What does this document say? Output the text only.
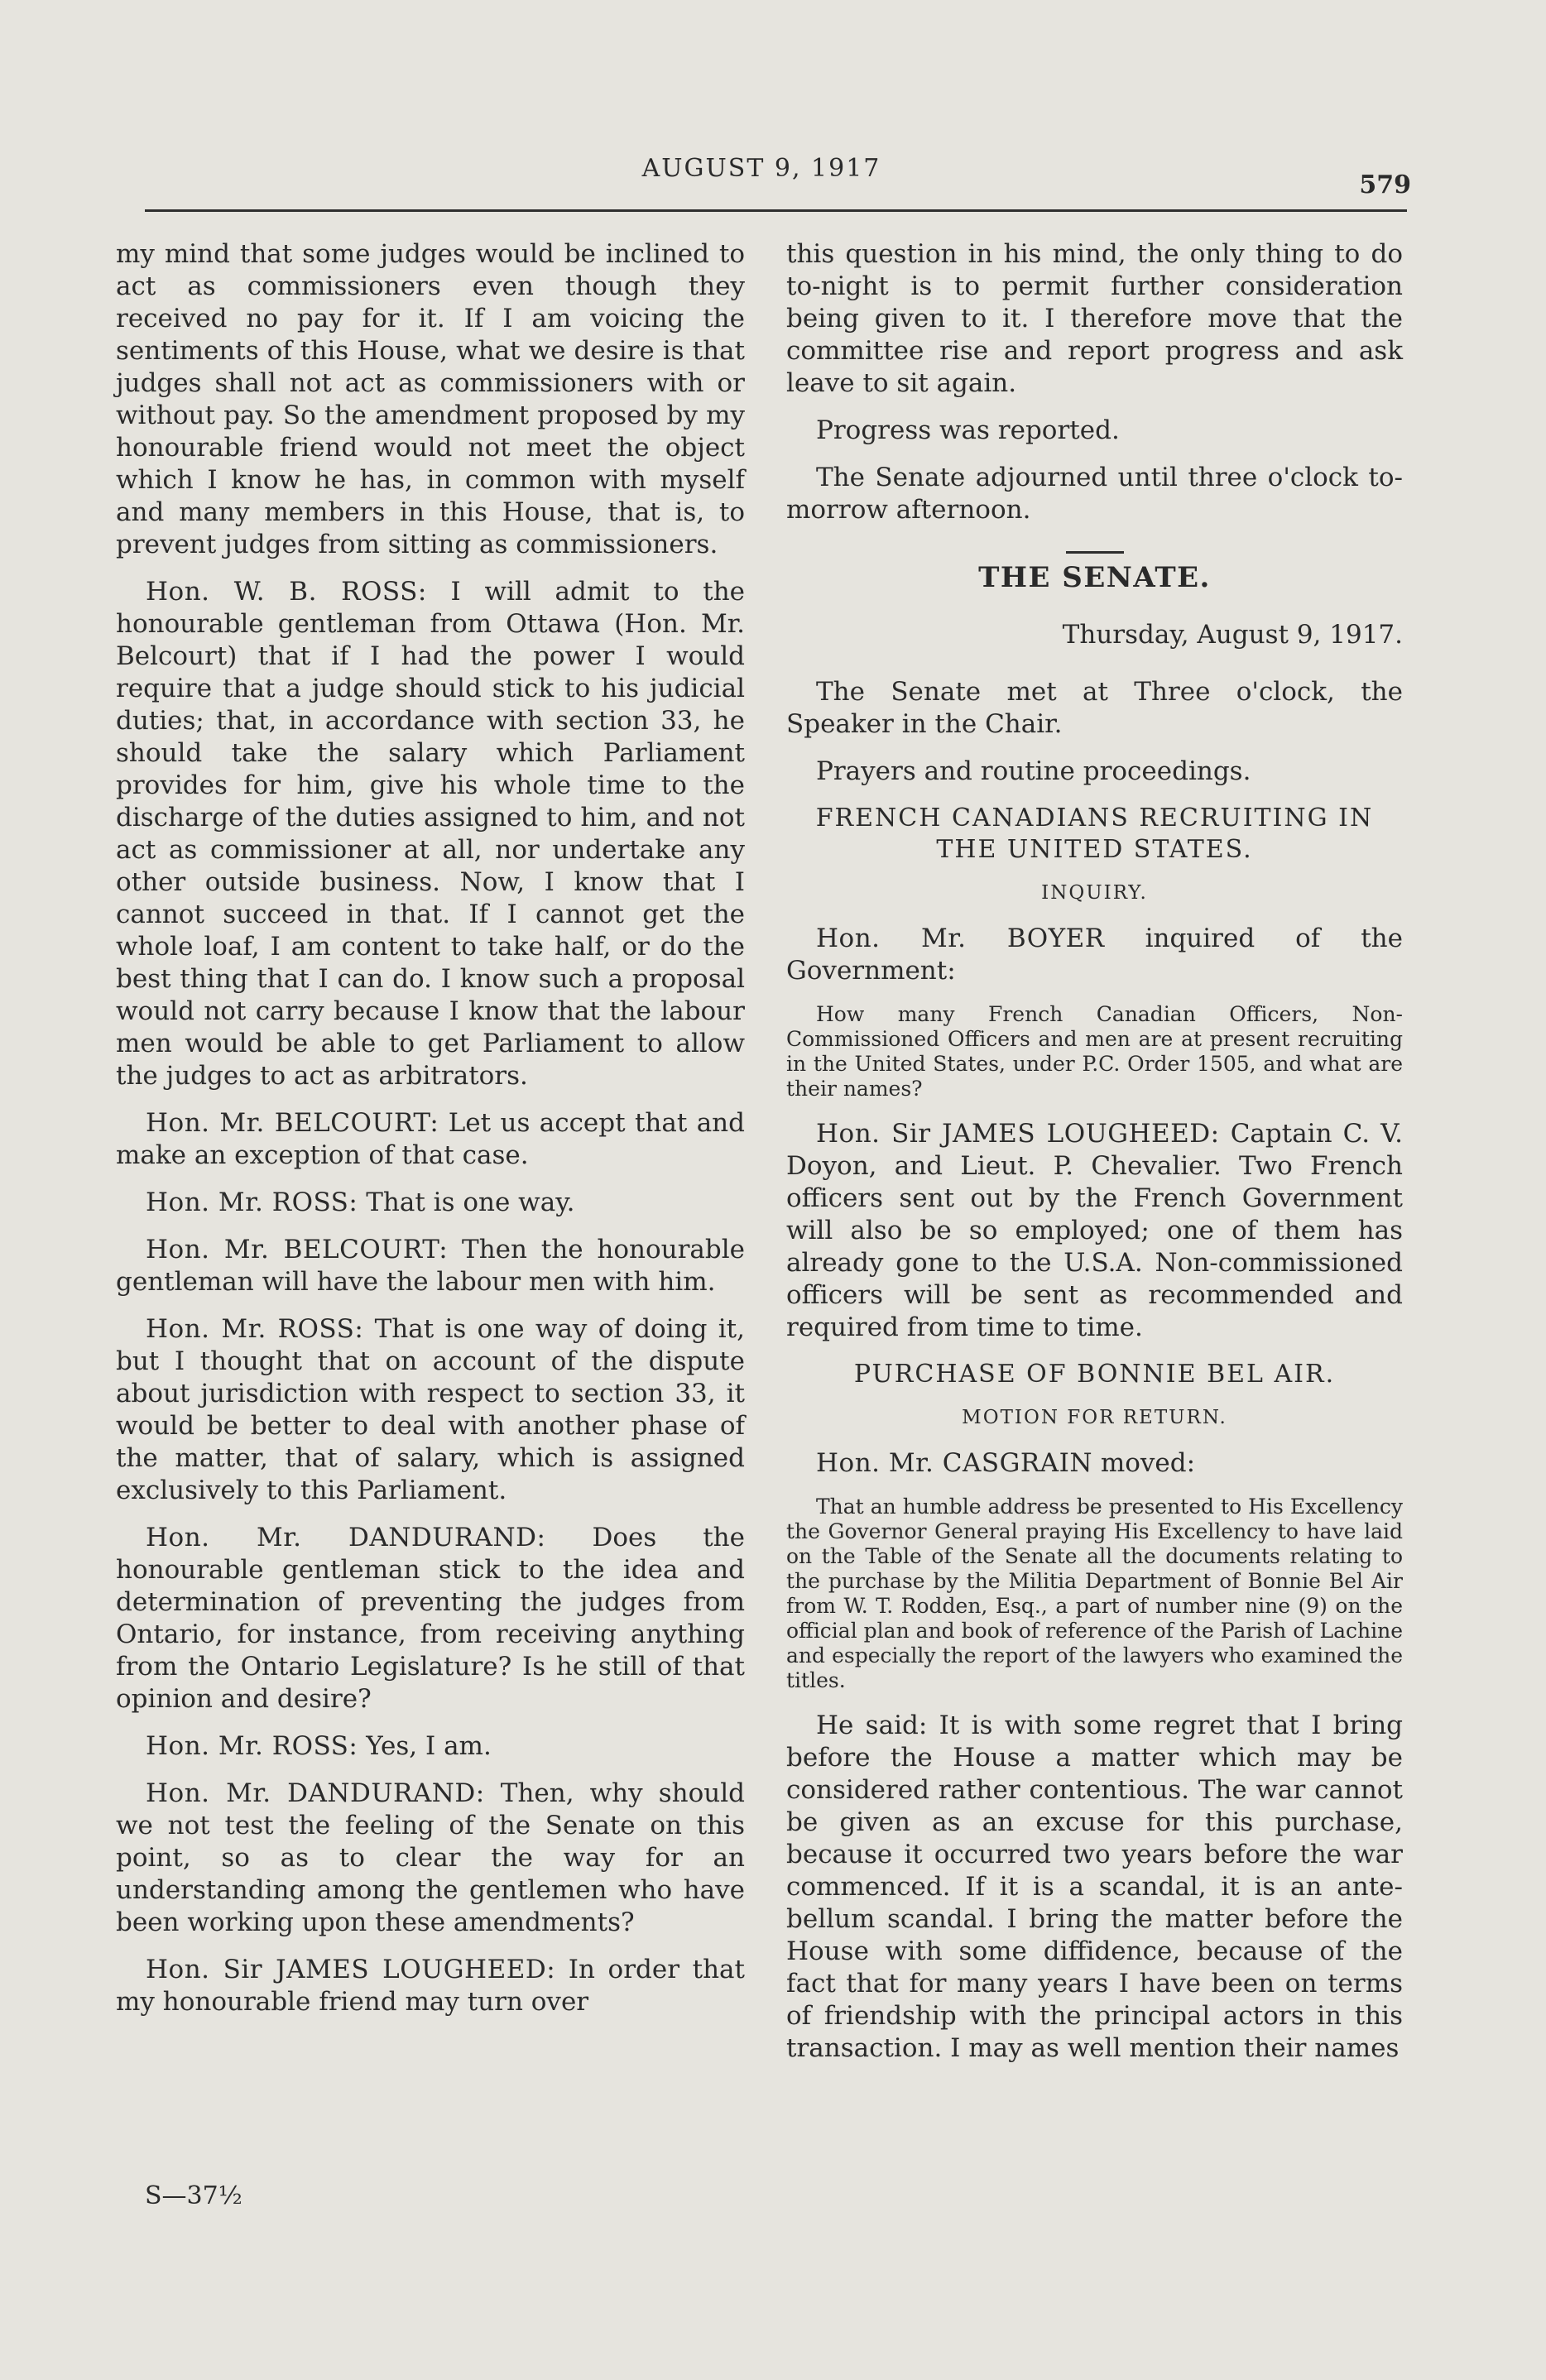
AUGUST 9, 1917
579

my mind that some judges would be inclined to act as commissioners even though they received no pay for it. If I am voicing the sentiments of this House, what we desire is that judges shall not act as commissioners with or without pay. So the amendment proposed by my honourable friend would not meet the object which I know he has, in common with myself and many members in this House, that is, to prevent judges from sitting as commissioners.

Hon. W. B. ROSS: I will admit to the honourable gentleman from Ottawa (Hon. Mr. Belcourt) that if I had the power I would require that a judge should stick to his judicial duties; that, in accordance with section 33, he should take the salary which Parliament provides for him, give his whole time to the discharge of the duties assigned to him, and not act as commissioner at all, nor undertake any other outside business. Now, I know that I cannot succeed in that. If I cannot get the whole loaf, I am content to take half, or do the best thing that I can do. I know such a proposal would not carry because I know that the labour men would be able to get Parliament to allow the judges to act as arbitrators.

Hon. Mr. BELCOURT: Let us accept that and make an exception of that case.

Hon. Mr. ROSS: That is one way.

Hon. Mr. BELCOURT: Then the honourable gentleman will have the labour men with him.

Hon. Mr. ROSS: That is one way of doing it, but I thought that on account of the dispute about jurisdiction with respect to section 33, it would be better to deal with another phase of the matter, that of salary, which is assigned exclusively to this Parliament.

Hon. Mr. DANDURAND: Does the honourable gentleman stick to the idea and determination of preventing the judges from Ontario, for instance, from receiving anything from the Ontario Legislature? Is he still of that opinion and desire?

Hon. Mr. ROSS: Yes, I am.

Hon. Mr. DANDURAND: Then, why should we not test the feeling of the Senate on this point, so as to clear the way for an understanding among the gentlemen who have been working upon these amendments?

Hon. Sir JAMES LOUGHEED: In order that my honourable friend may turn over

S—37½

this question in his mind, the only thing to do to-night is to permit further consideration being given to it. I therefore move that the committee rise and report progress and ask leave to sit again.

Progress was reported.

The Senate adjourned until three o'clock to-morrow afternoon.

THE SENATE.
Thursday, August 9, 1917.

The Senate met at Three o'clock, the Speaker in the Chair.

Prayers and routine proceedings.

FRENCH CANADIANS RECRUITING IN THE UNITED STATES.
INQUIRY.

Hon. Mr. BOYER inquired of the Government:

How many French Canadian Officers, Non-Commissioned Officers and men are at present recruiting in the United States, under P.C. Order 1505, and what are their names?

Hon. Sir JAMES LOUGHEED: Captain C. V. Doyon, and Lieut. P. Chevalier. Two French officers sent out by the French Government will also be so employed; one of them has already gone to the U.S.A. Non-commissioned officers will be sent as recommended and required from time to time.

PURCHASE OF BONNIE BEL AIR.
MOTION FOR RETURN.

Hon. Mr. CASGRAIN moved:

That an humble address be presented to His Excellency the Governor General praying His Excellency to have laid on the Table of the Senate all the documents relating to the purchase by the Militia Department of Bonnie Bel Air from W. T. Rodden, Esq., a part of number nine (9) on the official plan and book of reference of the Parish of Lachine and especially the report of the lawyers who examined the titles.

He said: It is with some regret that I bring before the House a matter which may be considered rather contentious. The war cannot be given as an excuse for this purchase, because it occurred two years before the war commenced. If it is a scandal, it is an ante-bellum scandal. I bring the matter before the House with some diffidence, because of the fact that for many years I have been on terms of friendship with the principal actors in this transaction. I may as well mention their names
